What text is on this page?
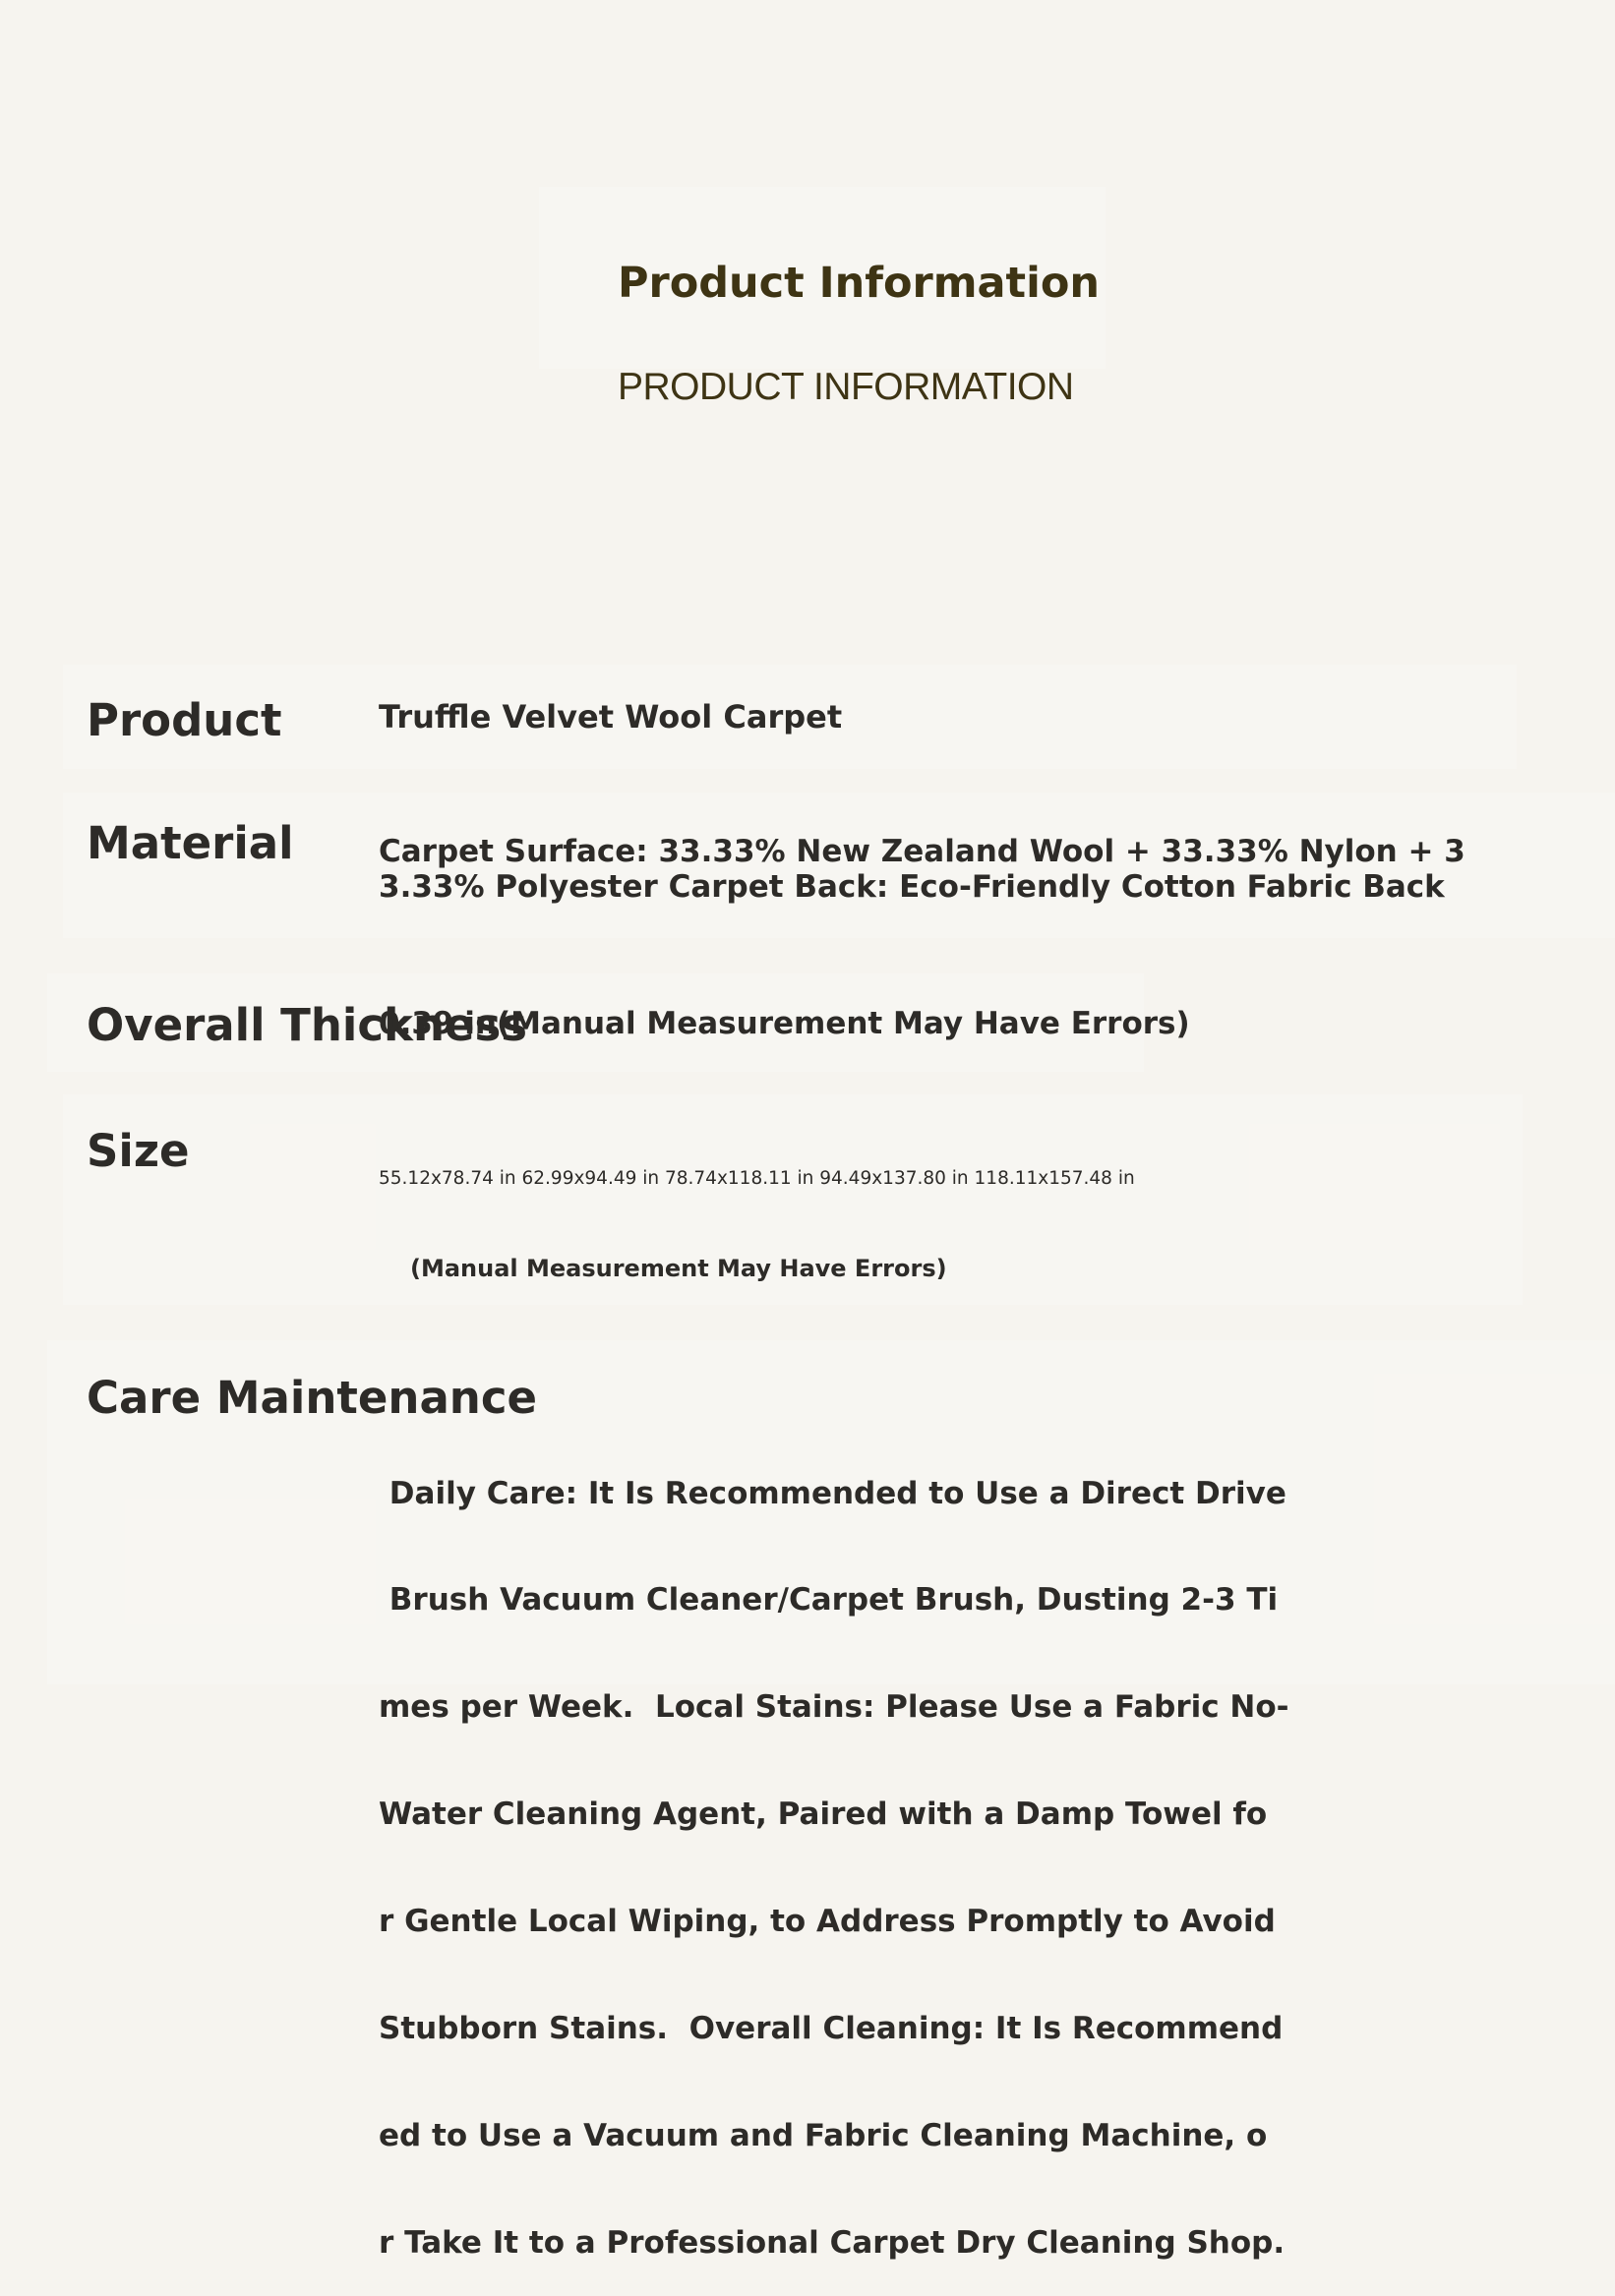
Product Information
PRODUCT INFORMATION
Product	Truffle Velvet Wool Carpet
Material	Carpet Surface: 33.33% New Zealand Wool + 33.33% Nylon + 3
3.33% Polyester Carpet Back: Eco-Friendly Cotton Fabric Back
Overall Thickness
0.39 in(Manual Measurement May Have Errors)
Size
55.12x78.74 in 62.99x94.49 in 78.74x118.11 in 94.49x137.80 in 118.11x157.48 in
(Manual Measurement May Have Errors)
Care Maintenance

Daily Care: It Is Recommended to Use a Direct Drive

Brush Vacuum Cleaner/Carpet Brush, Dusting 2-3 Ti

mes per Week.  Local Stains: Please Use a Fabric No-

Water Cleaning Agent, Paired with a Damp Towel fo

r Gentle Local Wiping, to Address Promptly to Avoid

Stubborn Stains.  Overall Cleaning: It Is Recommend

ed to Use a Vacuum and Fabric Cleaning Machine, o

r Take It to a Professional Carpet Dry Cleaning Shop.
